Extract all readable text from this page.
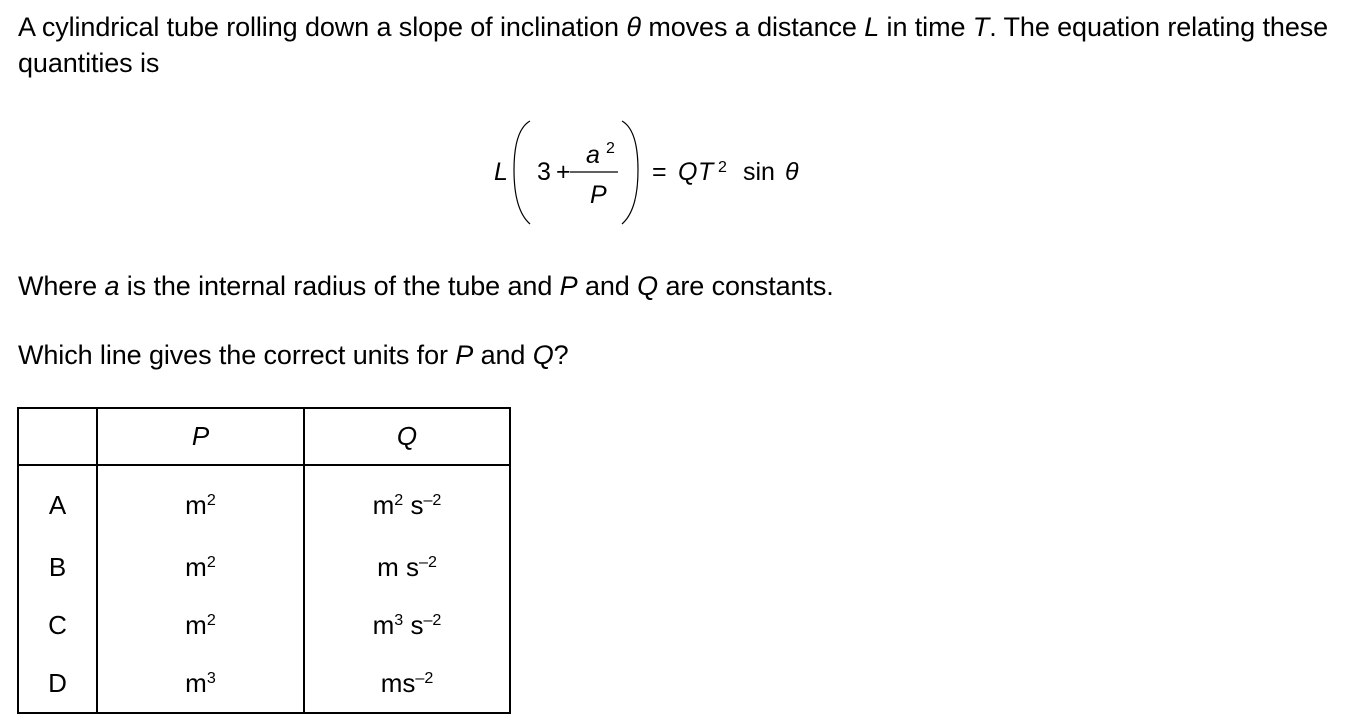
A cylindrical tube rolling down a slope of inclination θ moves a distance L in time T. The equation relating these quantities is

L 3 +
a 2
P
= Q T 2 sin θ

Where a is the internal radius of the tube and P and Q are constants.

Which line gives the correct units for P and Q?

	P	Q
A	$m^2$	$m^2$ $s^{-2}$
B	$m^2$	m $s^{-2}$
C	$m^2$	$m^3$ $s^{-2}$
D	$m^3$	$ms^{-2}$
